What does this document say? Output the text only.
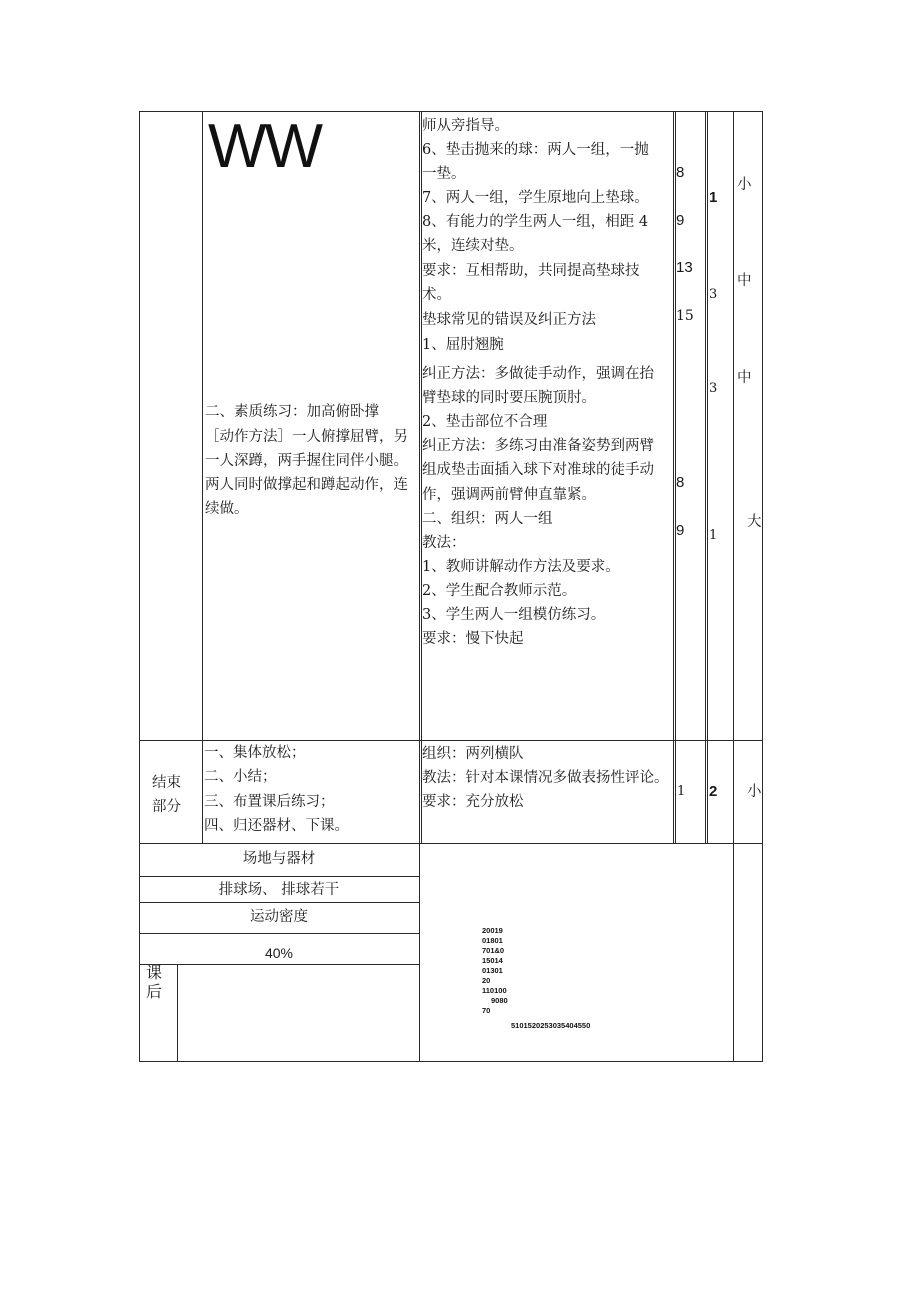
WW
二、素质练习：加高俯卧撑
［动作方法］一人俯撑屈臂，另
一人深蹲，两手握住同伴小腿。
两人同时做撑起和蹲起动作，连
续做。
师从旁指导。
6、垫击抛来的球：两人一组，一抛
一垫。
7、两人一组，学生原地向上垫球。
8、有能力的学生两人一组，相距 4
米，连续对垫。
要求：互相帮助，共同提高垫球技
术。
垫球常见的错误及纠正方法
1、屈肘翘腕
纠正方法：多做徒手动作，强调在抬
臂垫球的同时要压腕顶肘。
2、垫击部位不合理
纠正方法：多练习由准备姿势到两臂
组成垫击面插入球下对准球的徒手动
作，强调两前臂伸直靠紧。
二、组织：两人一组
教法：
1、教师讲解动作方法及要求。
2、学生配合教师示范。
3、学生两人一组模仿练习。
要求：慢下快起
8
9
13
15
8
9
1
3
3
1
小
中
中
大
结束部分
一、集体放松；
二、小结；
三、布置课后练习；
四、归还器材、下课。
组织：两列横队
教法：针对本课情况多做表扬性评论。
要求：充分放松
1 2 小
场地与器材
排球场、 排球若干
运动密度
40%
课后
20019
01801
701&0
15014
01301
20
110100
9080
70
5101520253035404550
